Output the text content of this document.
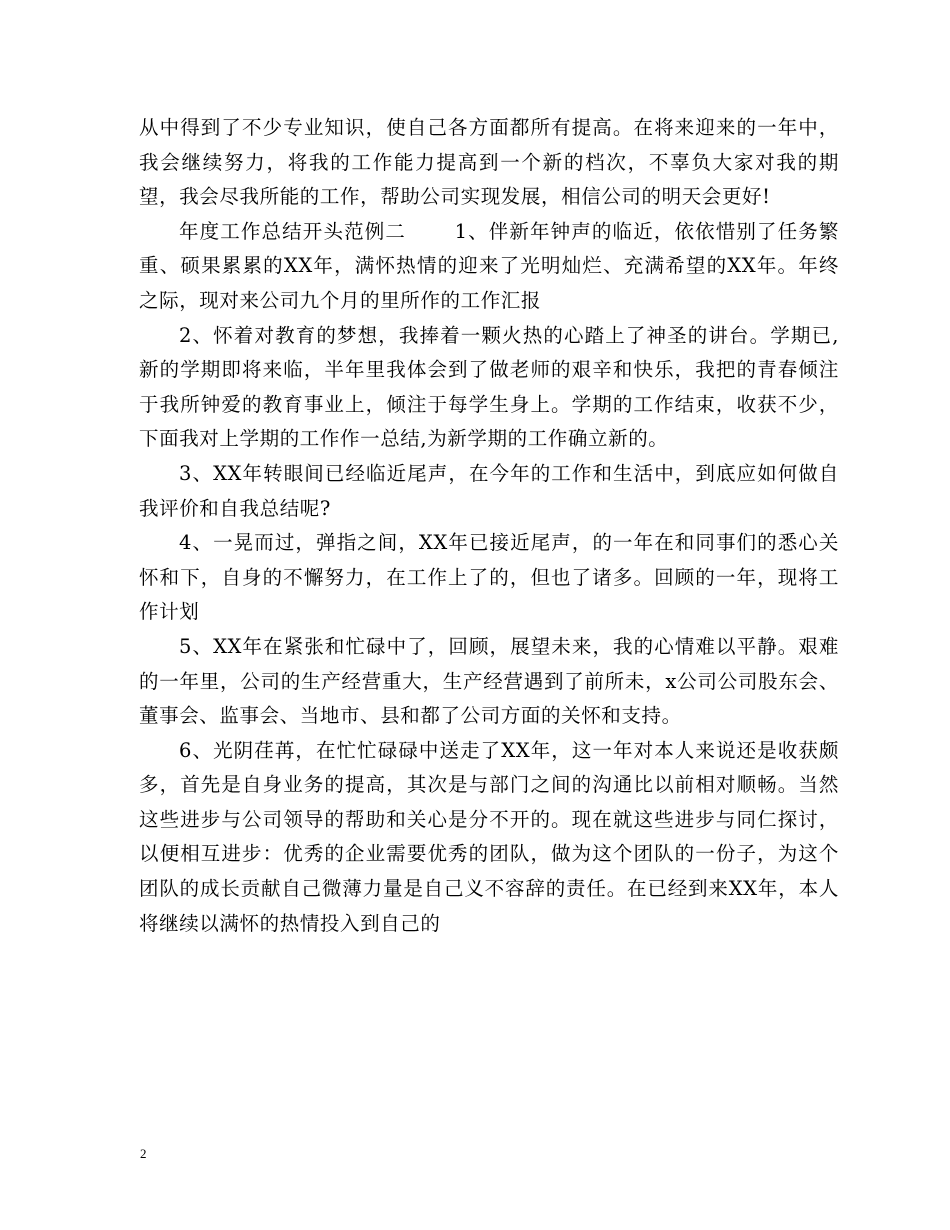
从中得到了不少专业知识，使自己各方面都所有提高。在将来迎来的一年中，我会继续努力，将我的工作能力提高到一个新的档次，不辜负大家对我的期望，我会尽我所能的工作，帮助公司实现发展，相信公司的明天会更好!

年度工作总结开头范例二　　 1、伴新年钟声的临近，依依惜别了任务繁重、硕果累累的XX年，满怀热情的迎来了光明灿烂、充满希望的XX年。年终之际，现对来公司九个月的里所作的工作汇报

2、怀着对教育的梦想，我捧着一颗火热的心踏上了神圣的讲台。学期已,新的学期即将来临，半年里我体会到了做老师的艰辛和快乐，我把的青春倾注于我所钟爱的教育事业上，倾注于每学生身上。学期的工作结束，收获不少，下面我对上学期的工作作一总结,为新学期的工作确立新的。

3、XX年转眼间已经临近尾声，在今年的工作和生活中，到底应如何做自我评价和自我总结呢?

4、一晃而过，弹指之间，XX年已接近尾声，的一年在和同事们的悉心关怀和下，自身的不懈努力，在工作上了的，但也了诸多。回顾的一年，现将工作计划

5、XX年在紧张和忙碌中了，回顾，展望未来，我的心情难以平静。艰难的一年里，公司的生产经营重大，生产经营遇到了前所未，x公司公司股东会、董事会、监事会、当地市、县和都了公司方面的关怀和支持。

6、光阴荏苒，在忙忙碌碌中送走了XX年，这一年对本人来说还是收获颇多，首先是自身业务的提高，其次是与部门之间的沟通比以前相对顺畅。当然这些进步与公司领导的帮助和关心是分不开的。现在就这些进步与同仁探讨，以便相互进步：优秀的企业需要优秀的团队，做为这个团队的一份子，为这个团队的成长贡献自己微薄力量是自己义不容辞的责任。在已经到来XX年，本人将继续以满怀的热情投入到自己的

2
